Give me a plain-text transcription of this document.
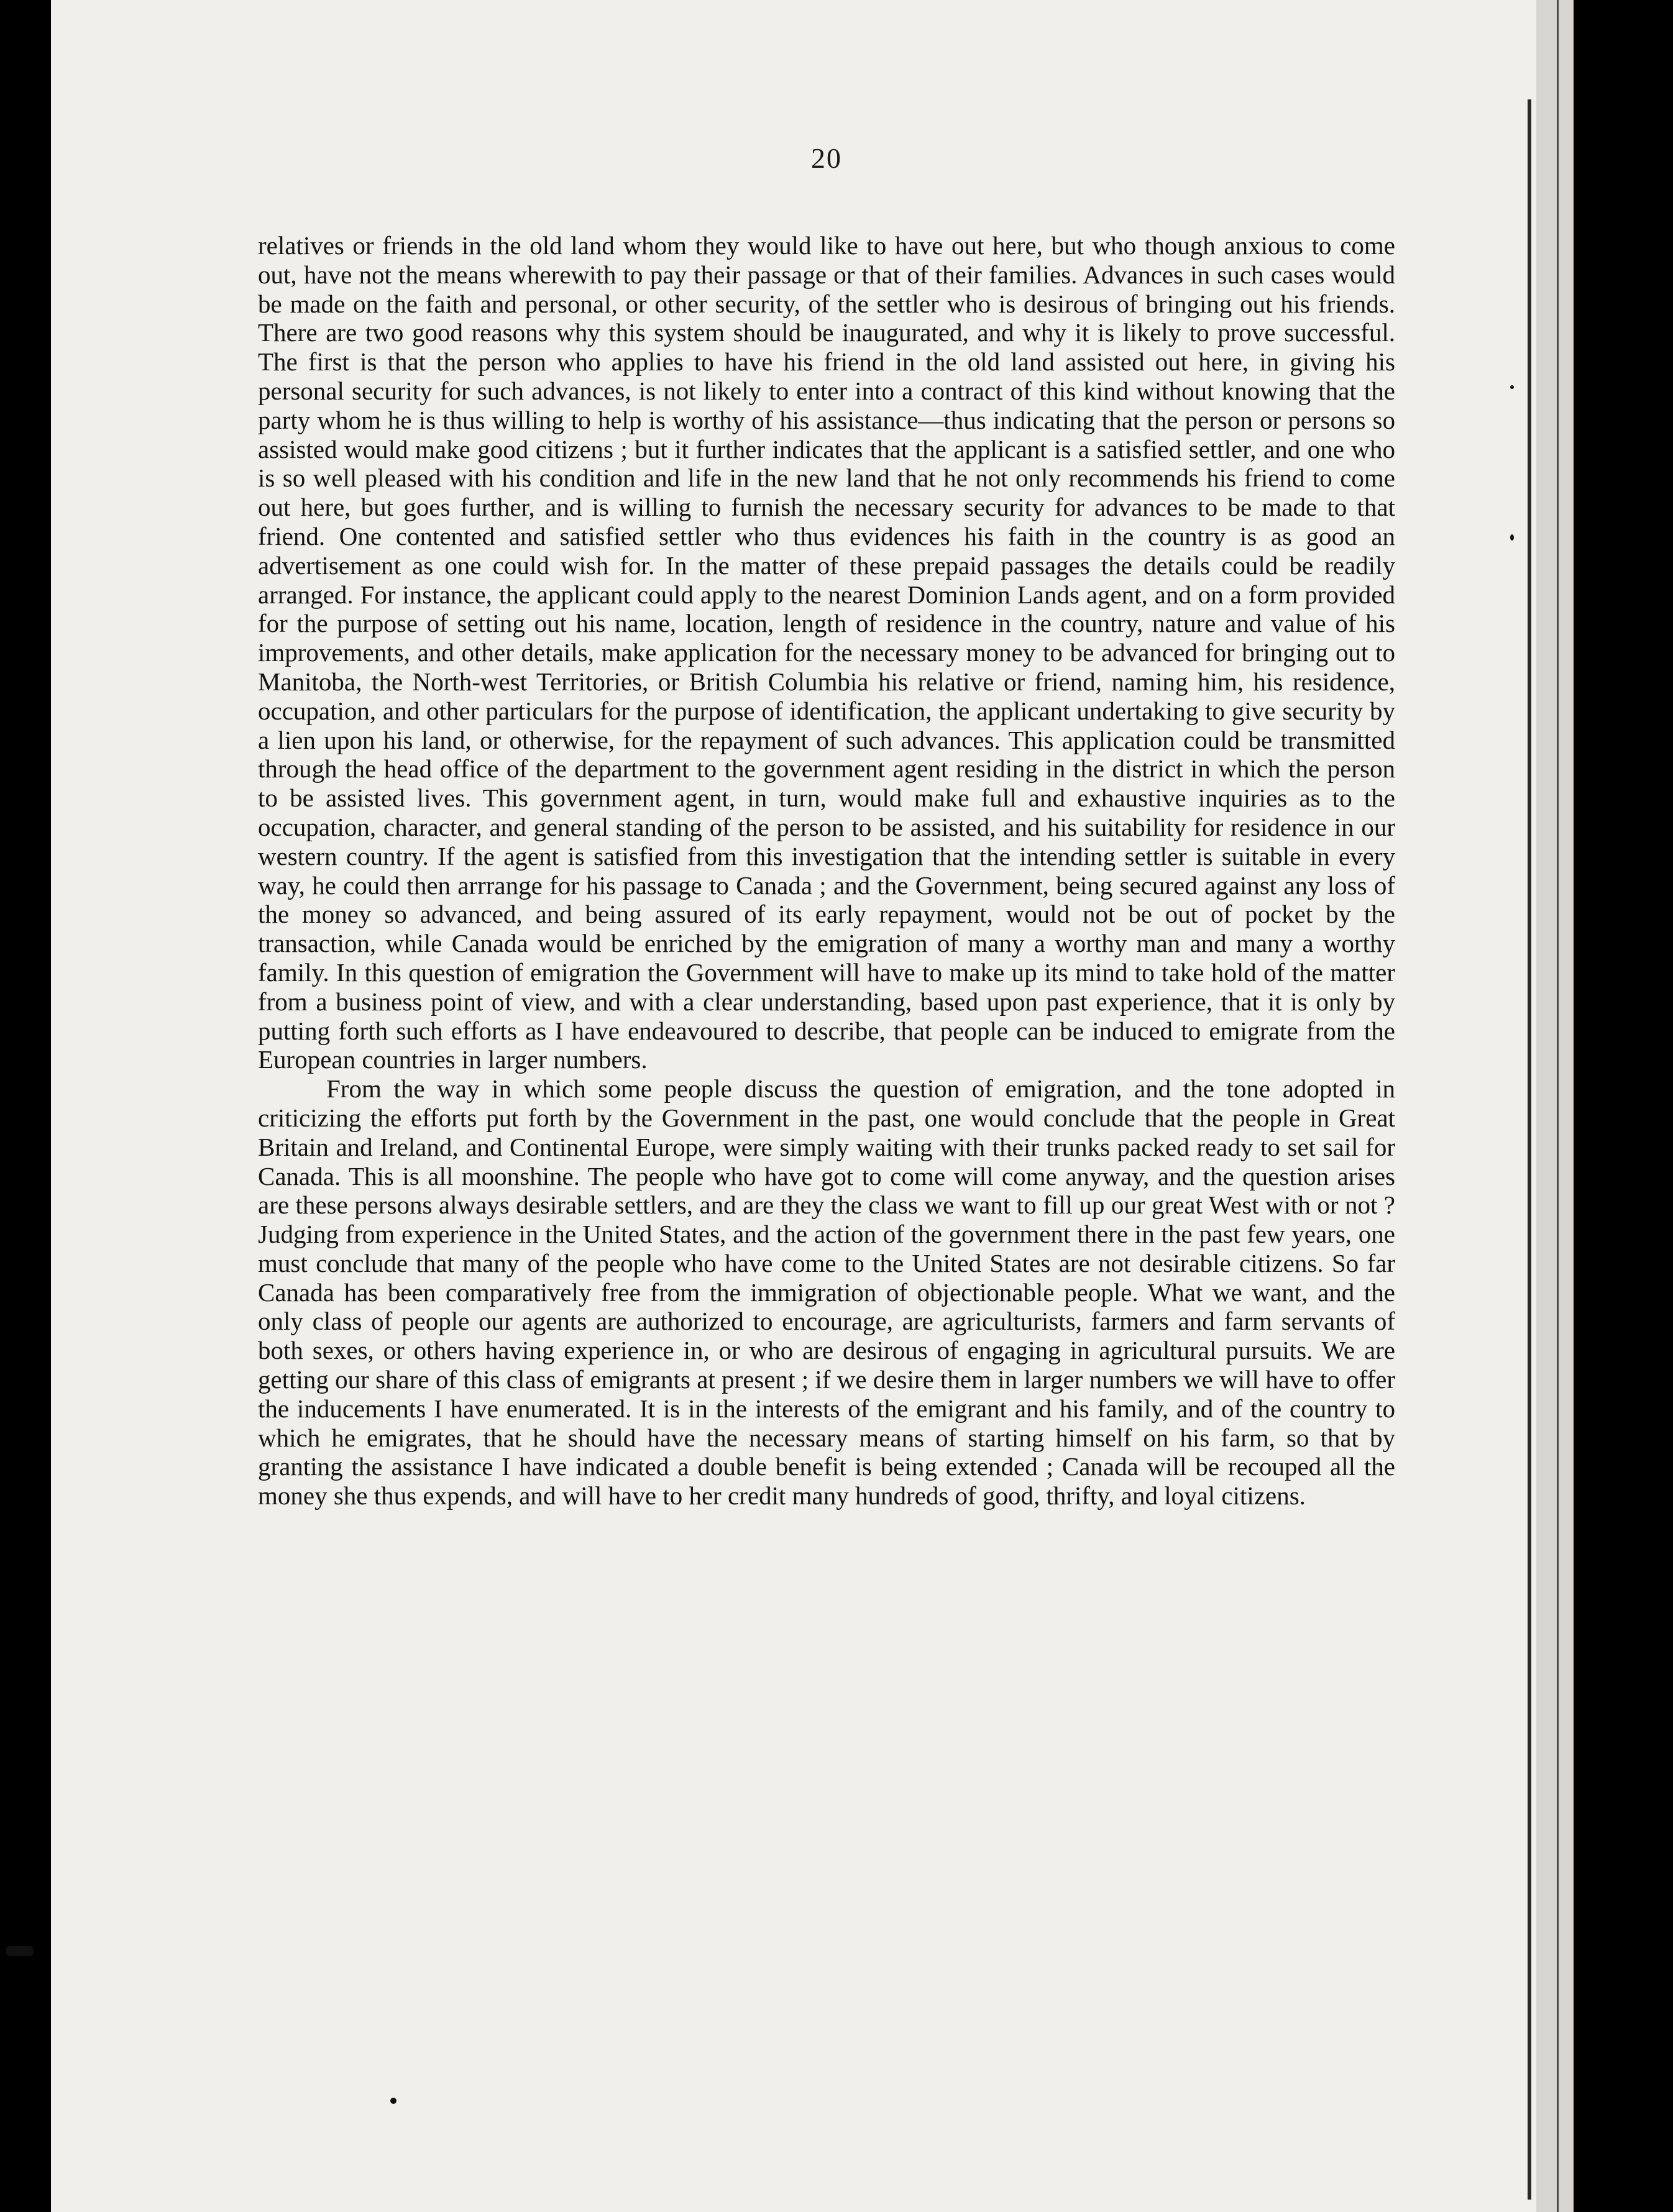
20

relatives or friends in the old land whom they would like to have out here, but who though anxious to come out, have not the means wherewith to pay their passage or that of their families. Advances in such cases would be made on the faith and personal, or other security, of the settler who is desirous of bringing out his friends. There are two good reasons why this system should be inaugurated, and why it is likely to prove successful. The first is that the person who applies to have his friend in the old land assisted out here, in giving his personal security for such advances, is not likely to enter into a contract of this kind without knowing that the party whom he is thus willing to help is worthy of his assistance—thus indicating that the person or persons so assisted would make good citizens ; but it further indicates that the applicant is a satisfied settler, and one who is so well pleased with his condition and life in the new land that he not only recommends his friend to come out here, but goes further, and is willing to furnish the necessary security for advances to be made to that friend. One contented and satisfied settler who thus evidences his faith in the country is as good an advertisement as one could wish for. In the matter of these prepaid passages the details could be readily arranged. For instance, the applicant could apply to the nearest Dominion Lands agent, and on a form provided for the purpose of setting out his name, location, length of residence in the country, nature and value of his improvements, and other details, make application for the necessary money to be advanced for bringing out to Manitoba, the North-west Territories, or British Columbia his relative or friend, naming him, his residence, occupation, and other particulars for the purpose of identification, the applicant undertaking to give security by a lien upon his land, or otherwise, for the repayment of such advances. This application could be transmitted through the head office of the department to the government agent residing in the district in which the person to be assisted lives. This government agent, in turn, would make full and exhaustive inquiries as to the occupation, character, and general standing of the person to be assisted, and his suitability for residence in our western country. If the agent is satisfied from this investigation that the intending settler is suitable in every way, he could then arrrange for his passage to Canada ; and the Government, being secured against any loss of the money so advanced, and being assured of its early repayment, would not be out of pocket by the transaction, while Canada would be enriched by the emigration of many a worthy man and many a worthy family. In this question of emigration the Government will have to make up its mind to take hold of the matter from a business point of view, and with a clear understanding, based upon past experience, that it is only by putting forth such efforts as I have endeavoured to describe, that people can be induced to emigrate from the European countries in larger numbers.

From the way in which some people discuss the question of emigration, and the tone adopted in criticizing the efforts put forth by the Government in the past, one would conclude that the people in Great Britain and Ireland, and Continental Europe, were simply waiting with their trunks packed ready to set sail for Canada. This is all moonshine. The people who have got to come will come anyway, and the question arises are these persons always desirable settlers, and are they the class we want to fill up our great West with or not ? Judging from experience in the United States, and the action of the government there in the past few years, one must conclude that many of the people who have come to the United States are not desirable citizens. So far Canada has been comparatively free from the immigration of objectionable people. What we want, and the only class of people our agents are authorized to encourage, are agriculturists, farmers and farm servants of both sexes, or others having experience in, or who are desirous of engaging in agricultural pursuits. We are getting our share of this class of emigrants at present ; if we desire them in larger numbers we will have to offer the inducements I have enumerated. It is in the interests of the emigrant and his family, and of the country to which he emigrates, that he should have the necessary means of starting himself on his farm, so that by granting the assistance I have indicated a double benefit is being extended ; Canada will be recouped all the money she thus expends, and will have to her credit many hundreds of good, thrifty, and loyal citizens.
